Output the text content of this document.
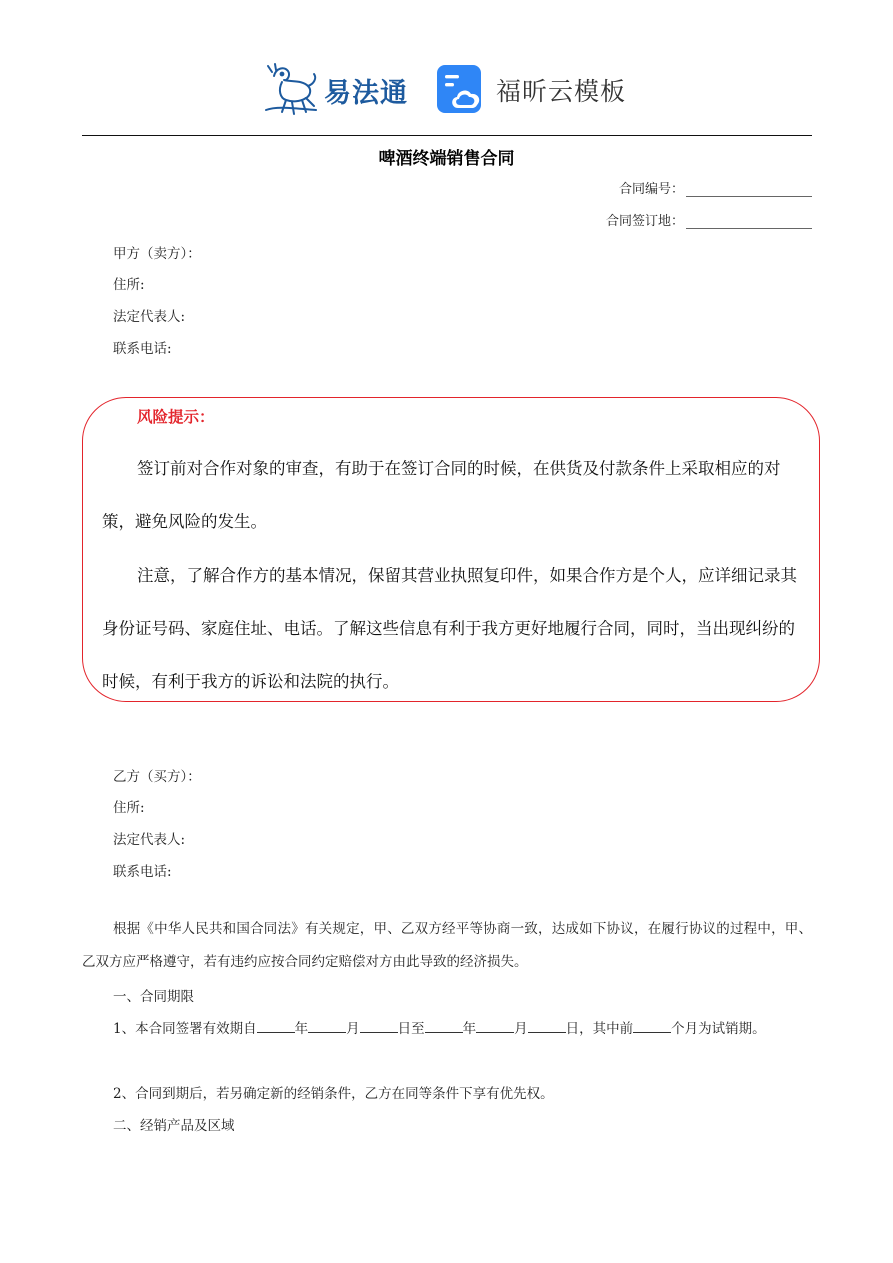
易法通	福昕云模板
啤酒终端销售合同
合同编号：
合同签订地：
甲方（卖方）：
住所:
法定代表人:
联系电话:
风险提示：

签订前对合作对象的审查，有助于在签订合同的时候，在供货及付款条件上采取相应的对策，避免风险的发生。

注意，了解合作方的基本情况，保留其营业执照复印件，如果合作方是个人，应详细记录其身份证号码、家庭住址、电话。了解这些信息有利于我方更好地履行合同，同时，当出现纠纷的时候，有利于我方的诉讼和法院的执行。

乙方（买方）：
住所:
法定代表人:
联系电话:

根据《中华人民共和国合同法》有关规定，甲、乙双方经平等协商一致，达成如下协议，在履行协议的过程中，甲、乙双方应严格遵守，若有违约应按合同约定赔偿对方由此导致的经济损失。

一、合同期限

1、本合同签署有效期自	年	月	日至	年	月	日，其中前	个月为试销期。

2、合同到期后，若另确定新的经销条件，乙方在同等条件下享有优先权。

二、经销产品及区域
